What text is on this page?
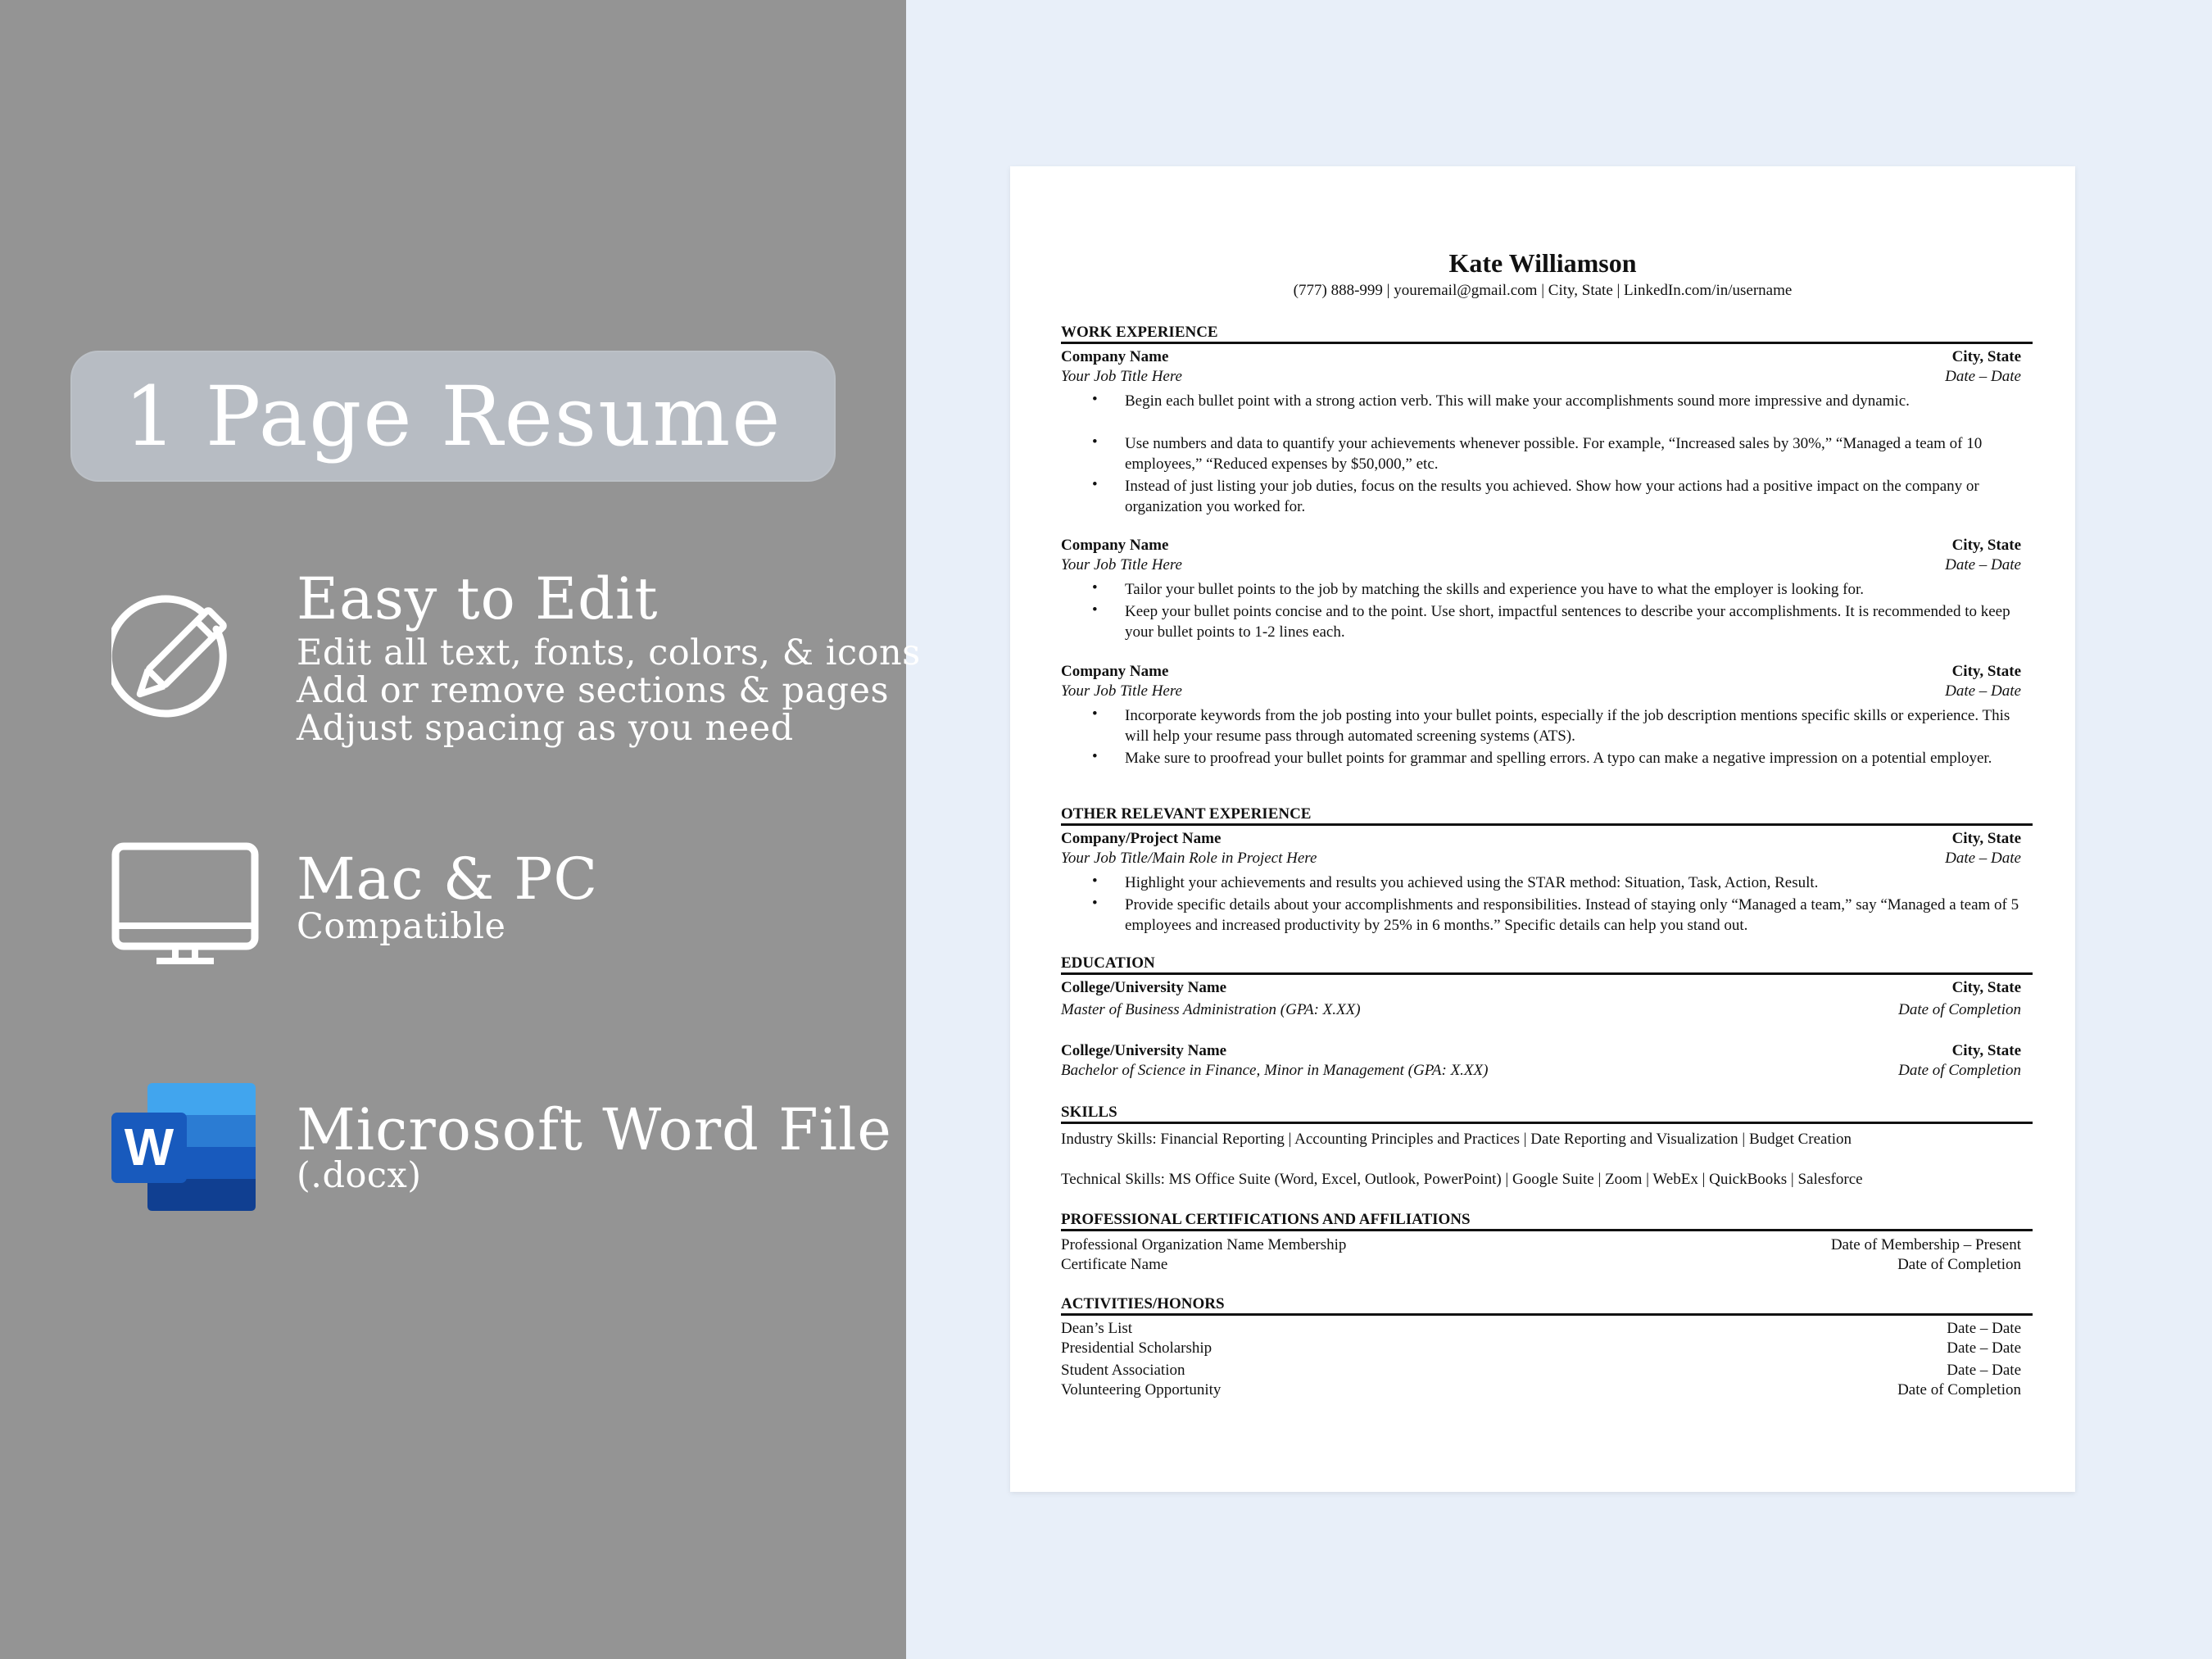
1 Page Resume
Easy to Edit
Edit all text, fonts, colors, & icons
Add or remove sections & pages
Adjust spacing as you need
Mac & PC
Compatible
W Microsoft Word File
(.docx)
Kate Williamson
(777) 888-999 | youremail@gmail.com | City, State | LinkedIn.com/in/username
WORK EXPERIENCE
Company Name	City, State
Your Job Title Here	Date – Date
• Begin each bullet point with a strong action verb. This will make your accomplishments sound more impressive and dynamic.
• Use numbers and data to quantify your achievements whenever possible. For example, “Increased sales by 30%,” “Managed a team of 10 employees,” “Reduced expenses by $50,000,” etc.
• Instead of just listing your job duties, focus on the results you achieved. Show how your actions had a positive impact on the company or organization you worked for.
Company Name	City, State
Your Job Title Here	Date – Date
• Tailor your bullet points to the job by matching the skills and experience you have to what the employer is looking for.
• Keep your bullet points concise and to the point. Use short, impactful sentences to describe your accomplishments. It is recommended to keep your bullet points to 1-2 lines each.
Company Name	City, State
Your Job Title Here	Date – Date
• Incorporate keywords from the job posting into your bullet points, especially if the job description mentions specific skills or experience. This will help your resume pass through automated screening systems (ATS).
• Make sure to proofread your bullet points for grammar and spelling errors. A typo can make a negative impression on a potential employer.
OTHER RELEVANT EXPERIENCE
Company/Project Name	City, State
Your Job Title/Main Role in Project Here	Date – Date
• Highlight your achievements and results you achieved using the STAR method: Situation, Task, Action, Result.
• Provide specific details about your accomplishments and responsibilities. Instead of staying only “Managed a team,” say “Managed a team of 5 employees and increased productivity by 25% in 6 months.” Specific details can help you stand out.
EDUCATION
College/University Name	City, State
Master of Business Administration (GPA: X.XX)	Date of Completion
College/University Name	City, State
Bachelor of Science in Finance, Minor in Management (GPA: X.XX)	Date of Completion
SKILLS
Industry Skills: Financial Reporting | Accounting Principles and Practices | Date Reporting and Visualization | Budget Creation
Technical Skills: MS Office Suite (Word, Excel, Outlook, PowerPoint) | Google Suite | Zoom | WebEx | QuickBooks | Salesforce
PROFESSIONAL CERTIFICATIONS AND AFFILIATIONS
Professional Organization Name Membership	Date of Membership – Present
Certificate Name	Date of Completion
ACTIVITIES/HONORS
Dean’s List	Date – Date
Presidential Scholarship	Date – Date
Student Association	Date – Date
Volunteering Opportunity	Date of Completion
